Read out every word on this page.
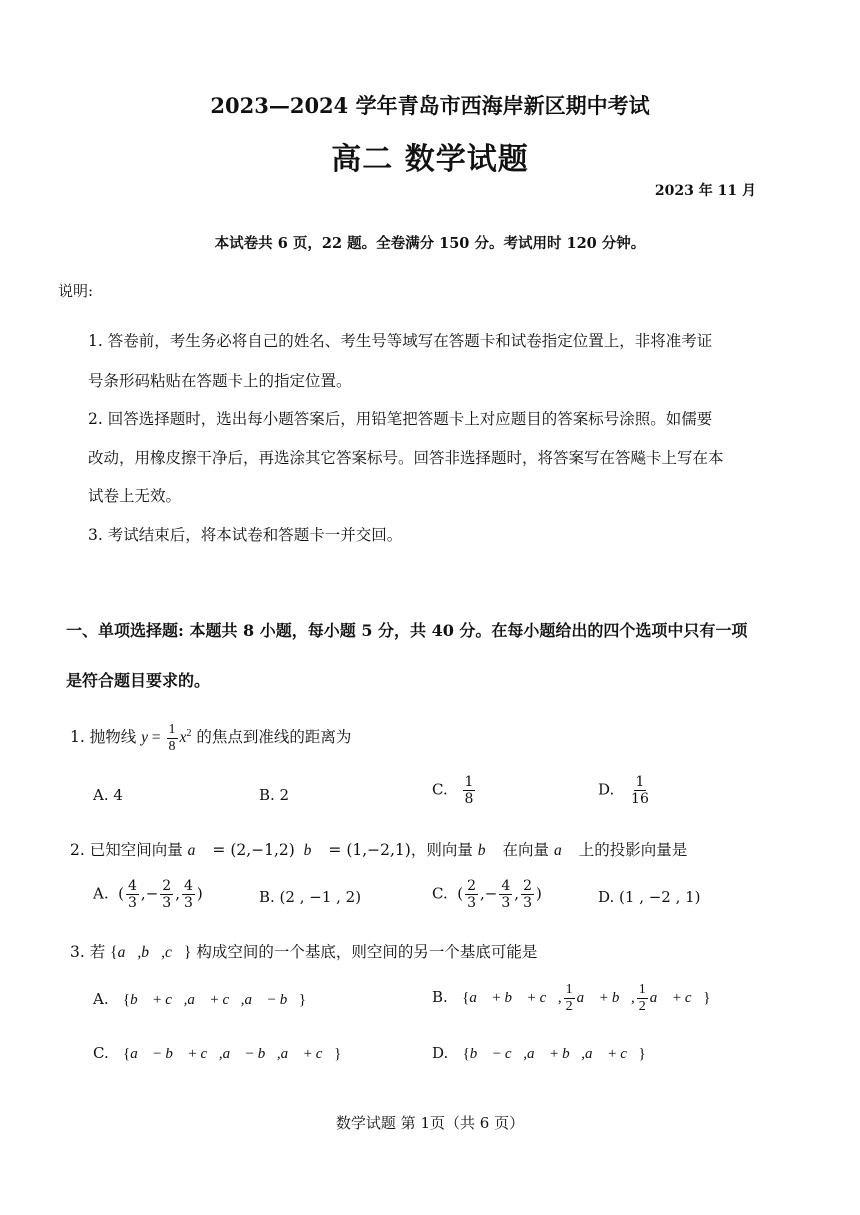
2023—2024 学年青岛市西海岸新区期中考试
高二 数学试题
2023 年 11 月
本试卷共 6 页，22 题。全卷满分 150 分。考试用时 120 分钟。
说明:
1. 答卷前，考生务必将自己的姓名、考生号等域写在答题卡和试卷指定位置上，非将准考证
号条形码粘贴在答题卡上的指定位置。
2. 回答选择题时，选出每小题答案后，用铅笔把答题卡上对应题目的答案标号涂照。如儒要
改动，用橡皮擦干净后，再选涂其它答案标号。回答非选择题时，将答案写在答飚卡上写在本
试卷上无效。
3. 考试结束后，将本试卷和答题卡一并交回。
一、单项选择题: 本题共 8 小题，每小题 5 分，共 40 分。在每小题给出的四个选项中只有一项
是符合题目要求的。
1. 抛物线 $y = \frac{1}{8} x^2$ 的焦点到准线的距离为
A. 4	B. 2	C. $\frac{1}{8}$	D. $\frac{1}{16}$
2. 已知空间向量 a⃗ = (2,−1,2)  b⃗ = (1,−2,1)，则向量 b⃗ 在向量 a⃗ 上的投影向量是
A.  ( $\frac{4}{3}$ ,− $\frac{2}{3}$ , $\frac{4}{3}$ )	B. (2 , −1 , 2)	C.  ( $\frac{2}{3}$ ,− $\frac{4}{3}$ , $\frac{2}{3}$ )	D. (1 , −2 , 1)
3. 若 {a⃗,b⃗,c⃗} 构成空间的一个基底，则空间的另一个基底可能是
A. {b⃗ + c⃗,a⃗ + c⃗,a⃗ − b⃗}	B. {a⃗ + b⃗ + c⃗, $\frac{1}{2}$ a⃗ + b⃗, $\frac{1}{2}$ a⃗ + c⃗}
C. {a⃗ − b⃗ + c⃗,a⃗ − b⃗,a⃗ + c⃗}	D. {b⃗ − c⃗,a⃗ + b⃗,a⃗ + c⃗}
数学试题 第 1页（共 6 页）
